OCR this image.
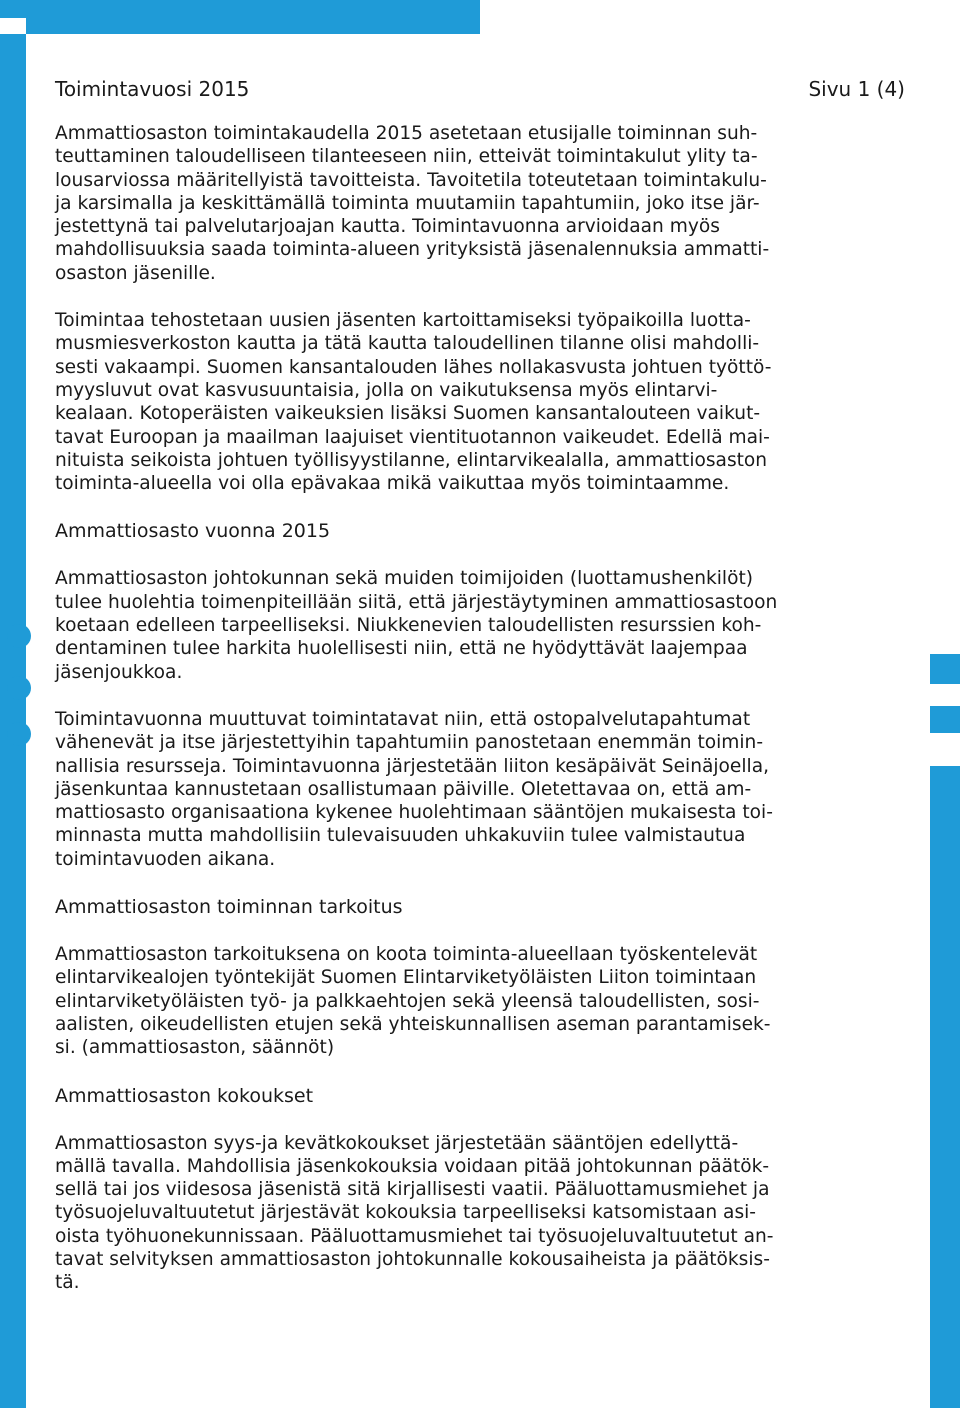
Toimintavuosi 2015	Sivu 1 (4)

Ammattiosaston toimintakaudella 2015 asetetaan etusijalle toiminnan suh-
teuttaminen taloudelliseen tilanteeseen niin, etteivät toimintakulut ylity ta-
lousarviossa määritellyistä tavoitteista. Tavoitetila toteutetaan toimintakulu-
ja karsimalla ja keskittämällä toiminta muutamiin tapahtumiin, joko itse jär-
jestettynä tai palvelutarjoajan kautta. Toimintavuonna arvioidaan myös
mahdollisuuksia saada toiminta-alueen yrityksistä jäsenalennuksia ammatti-
osaston jäsenille.

Toimintaa tehostetaan uusien jäsenten kartoittamiseksi työpaikoilla luotta-
musmiesverkoston kautta ja tätä kautta taloudellinen tilanne olisi mahdolli-
sesti vakaampi. Suomen kansantalouden lähes nollakasvusta johtuen työttö-
myysluvut ovat kasvusuuntaisia, jolla on vaikutuksensa myös elintarvi-
kealaan. Kotoperäisten vaikeuksien lisäksi Suomen kansantalouteen vaikut-
tavat Euroopan ja maailman laajuiset vientituotannon vaikeudet. Edellä mai-
nituista seikoista johtuen työllisyystilanne, elintarvikealalla, ammattiosaston
toiminta-alueella voi olla epävakaa mikä vaikuttaa myös toimintaamme.

Ammattiosasto vuonna 2015

Ammattiosaston johtokunnan sekä muiden toimijoiden (luottamushenkilöt)
tulee huolehtia toimenpiteillään siitä, että järjestäytyminen ammattiosastoon
koetaan edelleen tarpeelliseksi. Niukkenevien taloudellisten resurssien koh-
dentaminen tulee harkita huolellisesti niin, että ne hyödyttävät laajempaa
jäsenjoukkoa.

Toimintavuonna muuttuvat toimintatavat niin, että ostopalvelutapahtumat
vähenevät ja itse järjestettyihin tapahtumiin panostetaan enemmän toimin-
nallisia resursseja. Toimintavuonna järjestetään liiton kesäpäivät Seinäjoella,
jäsenkuntaa kannustetaan osallistumaan päiville. Oletettavaa on, että am-
mattiosasto organisaationa kykenee huolehtimaan sääntöjen mukaisesta toi-
minnasta mutta mahdollisiin tulevaisuuden uhkakuviin tulee valmistautua
toimintavuoden aikana.

Ammattiosaston toiminnan tarkoitus

Ammattiosaston tarkoituksena on koota toiminta-alueellaan työskentelevät
elintarvikealojen työntekijät Suomen Elintarviketyöläisten Liiton toimintaan
elintarviketyöläisten työ- ja palkkaehtojen sekä yleensä taloudellisten, sosi-
aalisten, oikeudellisten etujen sekä yhteiskunnallisen aseman parantamisek-
si. (ammattiosaston, säännöt)

Ammattiosaston kokoukset

Ammattiosaston syys-ja kevätkokoukset järjestetään sääntöjen edellyttä-
mällä tavalla. Mahdollisia jäsenkokouksia voidaan pitää johtokunnan päätök-
sellä tai jos viidesosa jäsenistä sitä kirjallisesti vaatii. Pääluottamusmiehet ja
työsuojeluvaltuutetut järjestävät kokouksia tarpeelliseksi katsomistaan asi-
oista työhuonekunnissaan. Pääluottamusmiehet tai työsuojeluvaltuutetut an-
tavat selvityksen ammattiosaston johtokunnalle kokousaiheista ja päätöksis-
tä.
